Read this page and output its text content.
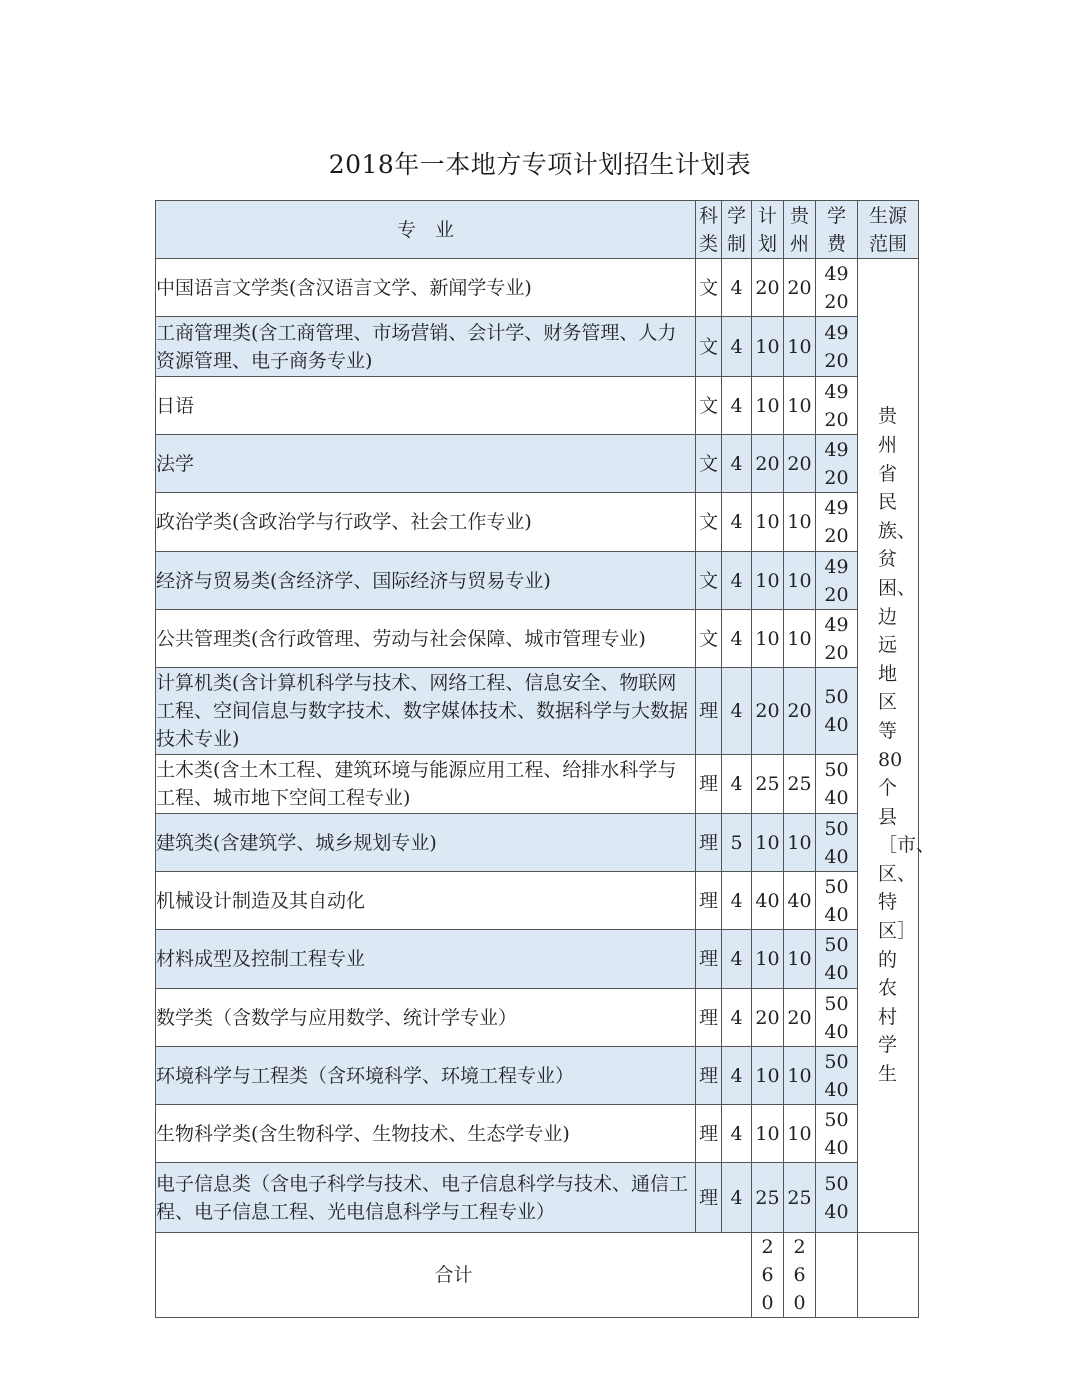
2018年一本地方专项计划招生计划表
专　业	科类	学制	计划	贵州	学费	生源范围
中国语言文学类(含汉语言文学、新闻学专业)	文	4	20	20	4920	贵州省民族、贫困、边远地区等80个县［市、区、特区］的农村学生
工商管理类(含工商管理、市场营销、会计学、财务管理、人力资源管理、电子商务专业)	文	4	10	10	4920	
日语	文	4	10	10	4920	
法学	文	4	20	20	4920	
政治学类(含政治学与行政学、社会工作专业)	文	4	10	10	4920	
经济与贸易类(含经济学、国际经济与贸易专业)	文	4	10	10	4920	
公共管理类(含行政管理、劳动与社会保障、城市管理专业)	文	4	10	10	4920	
计算机类(含计算机科学与技术、网络工程、信息安全、物联网工程、空间信息与数字技术、数字媒体技术、数据科学与大数据技术专业)	理	4	20	20	5040	
土木类(含土木工程、建筑环境与能源应用工程、给排水科学与工程、城市地下空间工程专业)	理	4	25	25	5040	
建筑类(含建筑学、城乡规划专业)	理	5	10	10	5040	
机械设计制造及其自动化	理	4	40	40	5040	
材料成型及控制工程专业	理	4	10	10	5040	
数学类（含数学与应用数学、统计学专业）	理	4	20	20	5040	
环境科学与工程类（含环境科学、环境工程专业）	理	4	10	10	5040	
生物科学类(含生物科学、生物技术、生态学专业)	理	4	10	10	5040	
电子信息类（含电子科学与技术、电子信息科学与技术、通信工程、电子信息工程、光电信息科学与工程专业）	理	4	25	25	5040	
合计			260	260		
